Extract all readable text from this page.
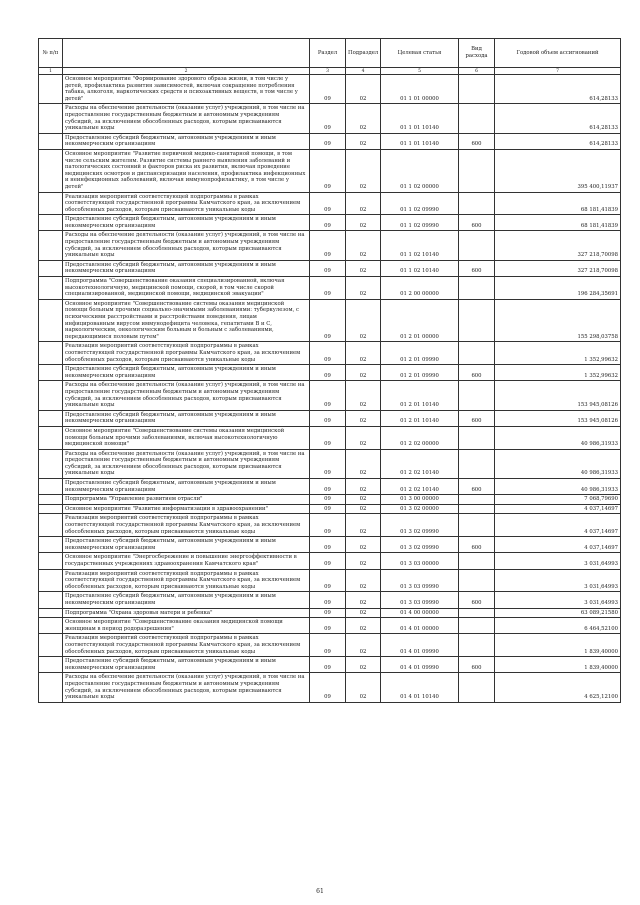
№ п/п		Раздел	Подраздел	Целевая статья	Вид расхода	Годовой объем ассигнований
1	2	3	4	5	6	7
	Основное мероприятие "Формирование здорового образа жизни, в том числе у детей, профилактика развития зависимостей, включая сокращение потребления табака, алкоголя, наркотических средств и психоактивных веществ, в том числе у детей"	09	02	01 1 01 00000		614,28133
	Расходы на обеспечение деятельности (оказание услуг) учреждений, в том числе на предоставление государственным бюджетным и автономным учреждениям субсидий, за исключением обособленных расходов, которым присваиваются уникальные коды	09	02	01 1 01 10140		614,28133
	Предоставление субсидий бюджетным, автономным учреждениям и иным некоммерческим организациям	09	02	01 1 01 10140	600	614,28133
	Основное мероприятие "Развитие первичной медико-санитарной помощи, в том числе сельским жителям. Развитие системы раннего выявления заболеваний и патологических состояний и факторов риска их развития, включая проведение медицинских осмотров и диспансеризации населения, профилактика инфекционных и неинфекционных заболеваний, включая иммунопрофилактику, в том числе у детей"	09	02	01 1 02 00000		395 400,11937
	Реализация мероприятий соответствующей подпрограммы в рамках соответствующей государственной программы Камчатского края, за исключением обособленных расходов, которым присваиваются уникальные коды	09	02	01 1 02 09990		68 181,41839
	Предоставление субсидий бюджетным, автономным учреждениям и иным некоммерческим организациям	09	02	01 1 02 09990	600	68 181,41839
	Расходы на обеспечение деятельности (оказание услуг) учреждений, в том числе на предоставление государственным бюджетным и автономным учреждениям субсидий, за исключением обособленных расходов, которым присваиваются уникальные коды	09	02	01 1 02 10140		327 218,70098
	Предоставление субсидий бюджетным, автономным учреждениям и иным некоммерческим организациям	09	02	01 1 02 10140	600	327 218,70098
	Подпрограмма "Совершенствование оказания специализированной, включая высокотехнологичную, медицинской помощи, скорой, в том числе скорой специализированной, медицинской помощи, медицинской эвакуации"	09	02	01 2 00 00000		196 284,35691
	Основное мероприятие "Совершенствование системы оказания медицинской помощи больным прочими социально-значимыми заболеваниями: туберкулезом, с психическими расстройствами и расстройствами поведения, лицам инфицированным вирусом иммунодефицита человека, гепатитами В и С, наркологическим, онкологическим больным и больным с заболеваниями, передающимися половым путем"	09	02	01 2 01 00000		155 298,03758
	Реализация мероприятий соответствующей подпрограммы в рамках соответствующей государственной программы Камчатского края, за исключением обособленных расходов, которым присваиваются уникальные коды	09	02	01 2 01 09990		1 352,99632
	Предоставление субсидий бюджетным, автономным учреждениям и иным некоммерческим организациям	09	02	01 2 01 09990	600	1 352,99632
	Расходы на обеспечение деятельности (оказание услуг) учреждений, в том числе на предоставление государственным бюджетным и автономным учреждениям субсидий, за исключением обособленных расходов, которым присваиваются уникальные коды	09	02	01 2 01 10140		153 945,08126
	Предоставление субсидий бюджетным, автономным учреждениям и иным некоммерческим организациям	09	02	01 2 01 10140	600	153 945,08126
	Основное мероприятие "Совершенствование системы оказания медицинской помощи больным прочими заболеваниями, включая высокотехнологичную медицинской помощи"	09	02	01 2 02 00000		40 986,31933
	Расходы на обеспечение деятельности (оказание услуг) учреждений, в том числе на предоставление государственным бюджетным и автономным учреждениям субсидий, за исключением обособленных расходов, которым присваиваются уникальные коды	09	02	01 2 02 10140		40 986,31933
	Предоставление субсидий бюджетным, автономным учреждениям и иным некоммерческим организациям	09	02	01 2 02 10140	600	40 986,31933
	Подпрограмма "Управление развитием отрасли"	09	02	01 3 00 00000		7 068,79690
	Основное мероприятие "Развитие информатизации в здравоохранении"	09	02	01 3 02 00000		4 037,14697
	Реализация мероприятий соответствующей подпрограммы в рамках соответствующей государственной программы Камчатского края, за исключением обособленных расходов, которым присваиваются уникальные коды	09	02	01 3 02 09990		4 037,14697
	Предоставление субсидий бюджетным, автономным учреждениям и иным некоммерческим организациям	09	02	01 3 02 09990	600	4 037,14697
	Основное мероприятие "Энергосбережение и повышение энергоэффективности в государственных учреждениях здравоохранения Камчатского края"	09	02	01 3 03 00000		3 031,64993
	Реализация мероприятий соответствующей подпрограммы в рамках соответствующей государственной программы Камчатского края, за исключением обособленных расходов, которым присваиваются уникальные коды	09	02	01 3 03 09990		3 031,64993
	Предоставление субсидий бюджетным, автономным учреждениям и иным некоммерческим организациям	09	02	01 3 03 09990	600	3 031,64993
	Подпрограмма "Охрана здоровья матери и ребенка"	09	02	01 4 00 00000		63 089,21580
	Основное мероприятие "Совершенствование оказания медицинской помощи женщинам в период родоразрешения"	09	02	01 4 01 00000		6 464,52100
	Реализация мероприятий соответствующей подпрограммы в рамках соответствующей государственной программы Камчатского края, за исключением обособленных расходов, которым присваиваются уникальные коды	09	02	01 4 01 09990		1 839,40000
	Предоставление субсидий бюджетным, автономным учреждениям и иным некоммерческим организациям	09	02	01 4 01 09990	600	1 839,40000
	Расходы на обеспечение деятельности (оказание услуг) учреждений, в том числе на предоставление государственным бюджетным и автономным учреждениям субсидий, за исключением обособленных расходов, которым присваиваются уникальные коды	09	02	01 4 01 10140		4 625,12100
61
